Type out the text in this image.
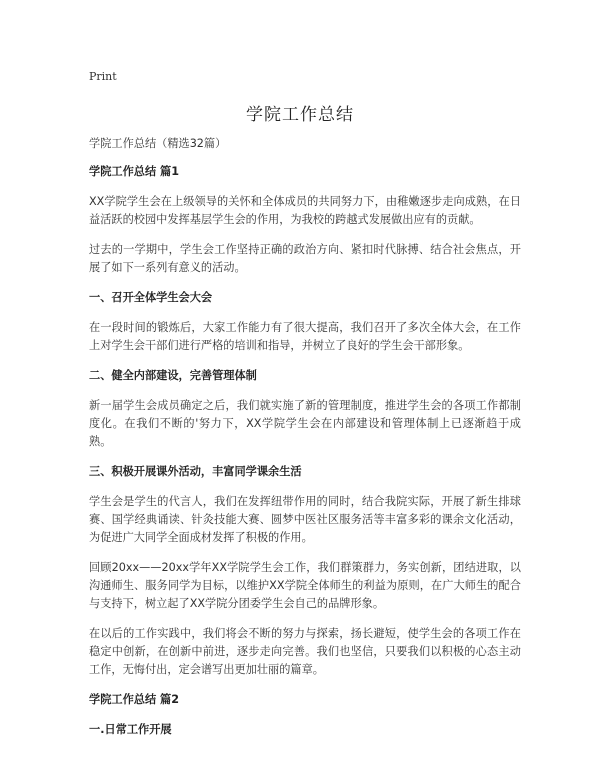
Print
学院工作总结

学院工作总结（精选32篇）

学院工作总结 篇1

XX学院学生会在上级领导的关怀和全体成员的共同努力下，由稚嫩逐步走向成熟，在日益活跃的校园中发挥基层学生会的作用，为我校的跨越式发展做出应有的贡献。

过去的一学期中，学生会工作坚持正确的政治方向、紧扣时代脉搏、结合社会焦点，开展了如下一系列有意义的活动。

一、召开全体学生会大会

在一段时间的锻炼后，大家工作能力有了很大提高，我们召开了多次全体大会，在工作上对学生会干部们进行严格的培训和指导，并树立了良好的学生会干部形象。

二、健全内部建设，完善管理体制

新一届学生会成员确定之后，我们就实施了新的管理制度，推进学生会的各项工作都制度化。在我们不断的'努力下，XX学院学生会在内部建设和管理体制上已逐渐趋于成熟。

三、积极开展课外活动，丰富同学课余生活

学生会是学生的代言人，我们在发挥纽带作用的同时，结合我院实际，开展了新生排球赛、国学经典诵读、针灸技能大赛、圆梦中医社区服务活等丰富多彩的课余文化活动，为促进广大同学全面成材发挥了积极的作用。

回顾20xx——20xx学年XX学院学生会工作，我们群策群力，务实创新，团结进取，以沟通师生、服务同学为目标，以维护XX学院全体师生的利益为原则，在广大师生的配合与支持下，树立起了XX学院分团委学生会自己的品牌形象。

在以后的工作实践中，我们将会不断的努力与探索，扬长避短，使学生会的各项工作在稳定中创新，在创新中前进，逐步走向完善。我们也坚信，只要我们以积极的心态主动工作，无悔付出，定会谱写出更加壮丽的篇章。

学院工作总结 篇2

一.日常工作开展
